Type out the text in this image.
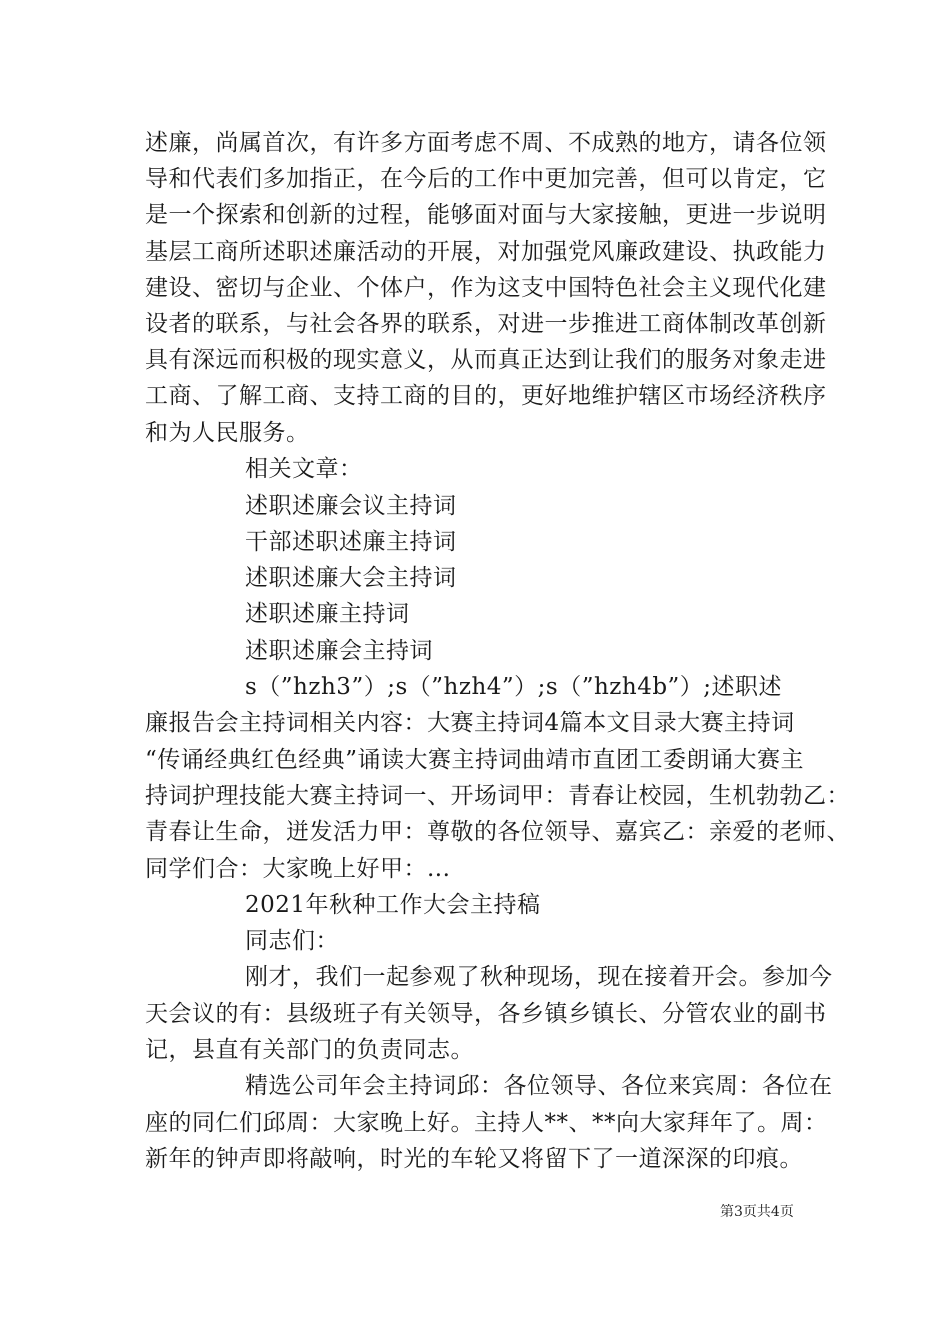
述廉，尚属首次，有许多方面考虑不周、不成熟的地方，请各位领
导和代表们多加指正，在今后的工作中更加完善，但可以肯定，它
是一个探索和创新的过程，能够面对面与大家接触，更进一步说明
基层工商所述职述廉活动的开展，对加强党风廉政建设、执政能力
建设、密切与企业、个体户，作为这支中国特色社会主义现代化建
设者的联系，与社会各界的联系，对进一步推进工商体制改革创新
具有深远而积极的现实意义，从而真正达到让我们的服务对象走进
工商、了解工商、支持工商的目的，更好地维护辖区市场经济秩序
和为人民服务。
相关文章：
述职述廉会议主持词
干部述职述廉主持词
述职述廉大会主持词
述职述廉主持词
述职述廉会主持词
s（”hzh3”）;s（”hzh4”）;s（”hzh4b”）;述职述
廉报告会主持词相关内容：大赛主持词4篇本文目录大赛主持词
“传诵经典红色经典”诵读大赛主持词曲靖市直团工委朗诵大赛主
持词护理技能大赛主持词一、开场词甲：青春让校园，生机勃勃乙：
青春让生命，迸发活力甲：尊敬的各位领导、嘉宾乙：亲爱的老师、
同学们合：大家晚上好甲：...
2021年秋种工作大会主持稿
同志们：
刚才，我们一起参观了秋种现场，现在接着开会。参加今
天会议的有：县级班子有关领导，各乡镇乡镇长、分管农业的副书
记，县直有关部门的负责同志。
精选公司年会主持词邱：各位领导、各位来宾周：各位在
座的同仁们邱周：大家晚上好。主持人**、**向大家拜年了。周：
新年的钟声即将敲响，时光的车轮又将留下了一道深深的印痕。
第3页共4页
